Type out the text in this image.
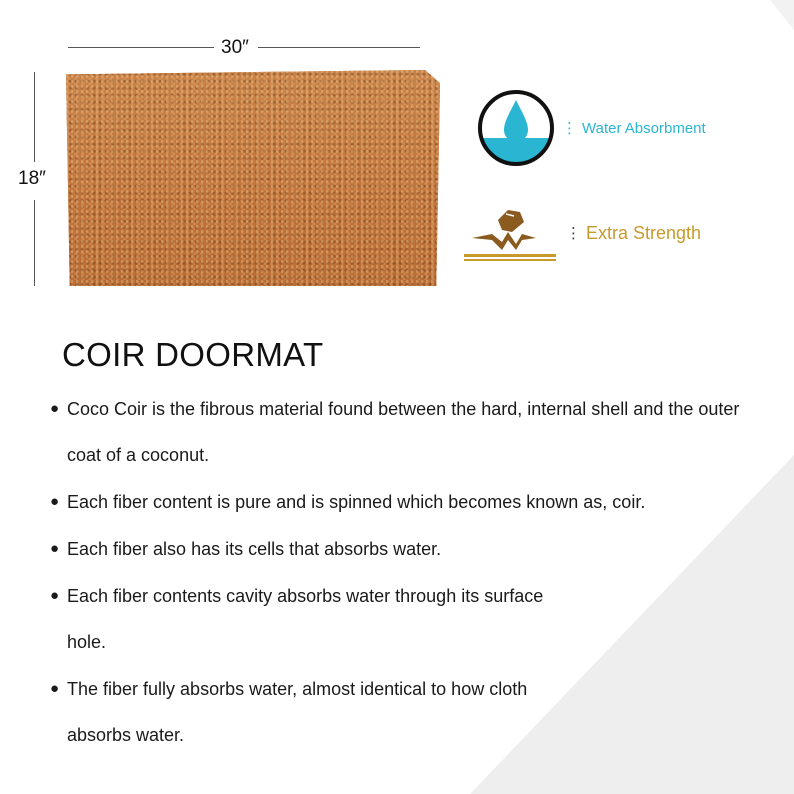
30″
18″
⋮ Water Absorbment
⋮ Extra Strength
COIR DOORMAT
● Coco Coir is the fibrous material found between the hard, internal shell and the outer coat of a coconut.
● Each fiber content is pure and is spinned which becomes known as, coir.
● Each fiber also has its cells that absorbs water.
● Each fiber contents cavity absorbs water through its surface hole.
● The fiber fully absorbs water, almost identical to how cloth absorbs water.
